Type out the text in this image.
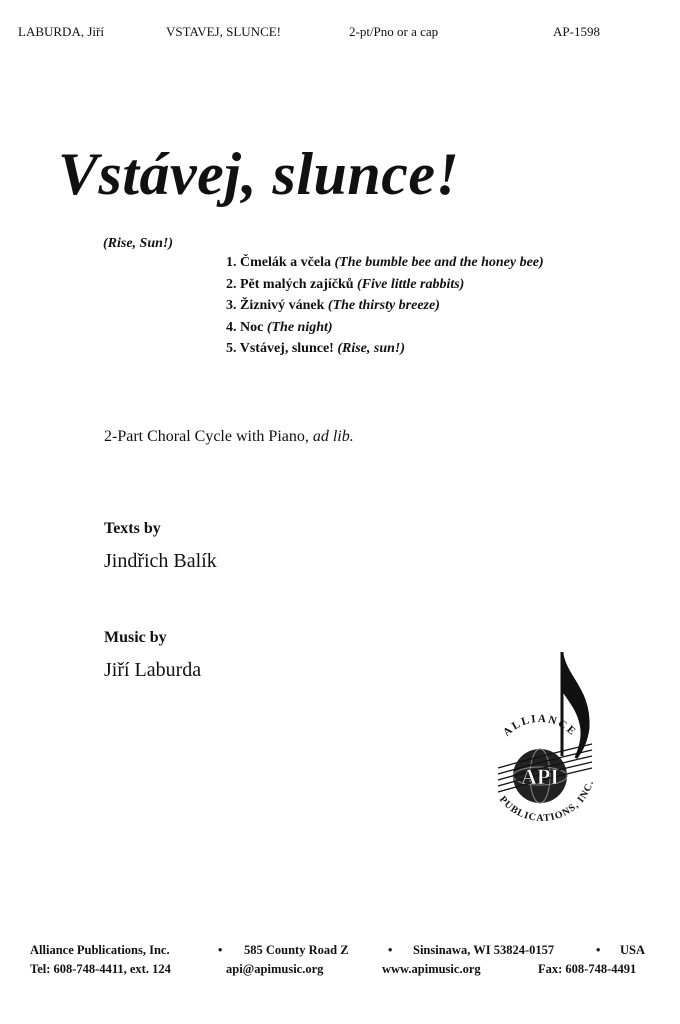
LABURDA, Jiří	VSTAVEJ, SLUNCE!	2-pt/Pno or a cap	AP-1598
Vstávej, slunce!
(Rise, Sun!)
1. Čmelák a včela (The bumble bee and the honey bee)
2. Pět malých zajíčků (Five little rabbits)
3. Žiznivý vánek (The thirsty breeze)
4. Noc (The night)
5. Vstávej, slunce! (Rise, sun!)
2-Part Choral Cycle with Piano, ad lib.
Texts by
Jindřich Balík
Music by
Jiří Laburda
API
ALLIANCE
PUBLICATIONS, INC.
Alliance Publications, Inc.	• 585 County Road Z	• Sinsinawa, WI 53824-0157	• USA
Tel: 608-748-4411, ext. 124	api@apimusic.org	www.apimusic.org	Fax: 608-748-4491
